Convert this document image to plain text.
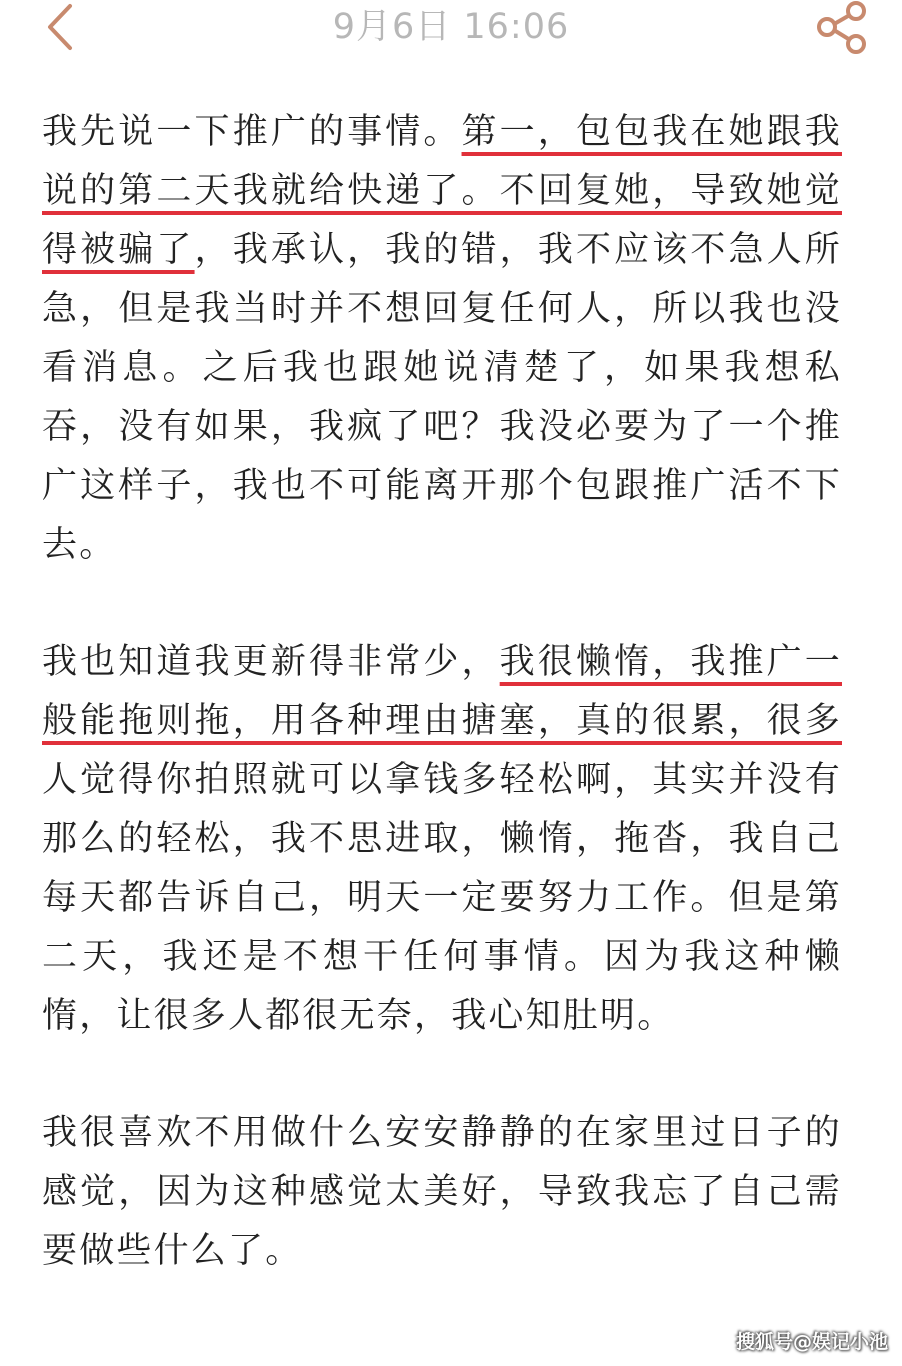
9月6日 16:06

我先说一下推广的事情。第一，包包我在她跟我说的第二天我就给快递了。不回复她，导致她觉得被骗了，我承认，我的错，我不应该不急人所急，但是我当时并不想回复任何人，所以我也没看消息。之后我也跟她说清楚了，如果我想私吞，没有如果，我疯了吧？我没必要为了一个推广这样子，我也不可能离开那个包跟推广活不下去。

我也知道我更新得非常少，我很懒惰，我推广一般能拖则拖，用各种理由搪塞，真的很累，很多人觉得你拍照就可以拿钱多轻松啊，其实并没有那么的轻松，我不思进取，懒惰，拖沓，我自己每天都告诉自己，明天一定要努力工作。但是第二天，我还是不想干任何事情。因为我这种懒惰，让很多人都很无奈，我心知肚明。

我很喜欢不用做什么安安静静的在家里过日子的感觉，因为这种感觉太美好，导致我忘了自己需要做些什么了。

搜狐号@娱记小池
